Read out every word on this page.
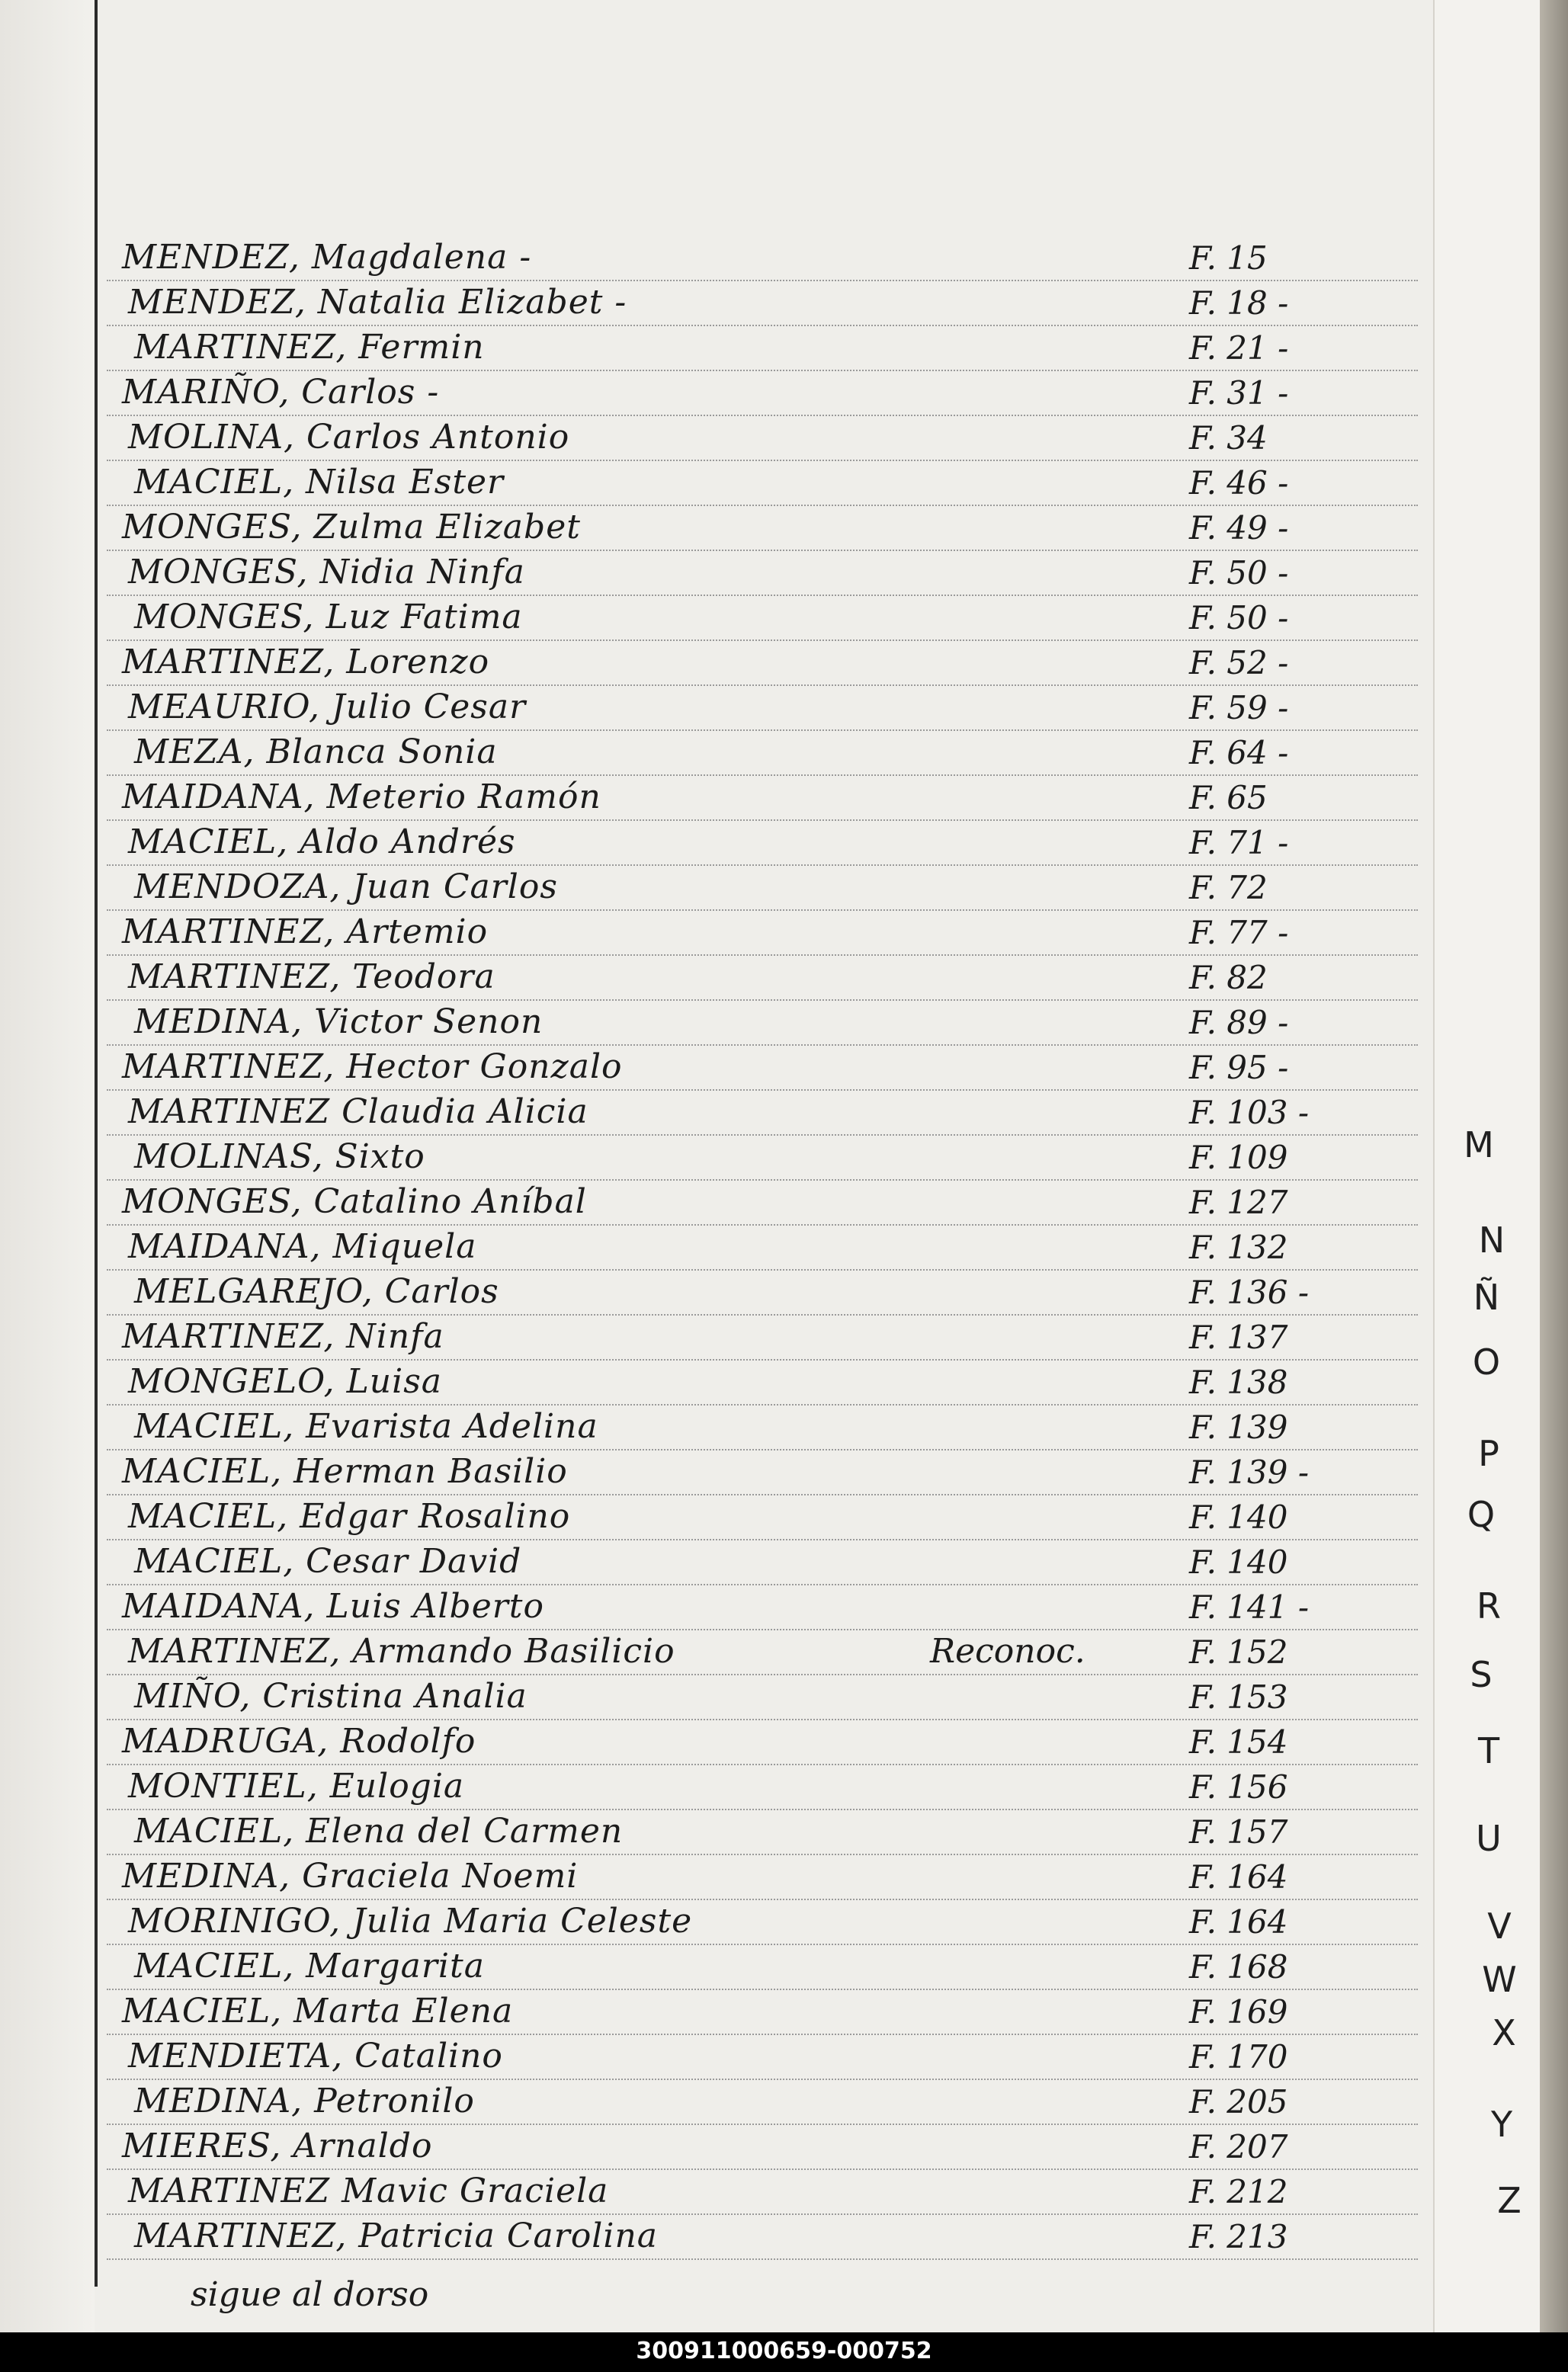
M
MENDEZ, Magdalena -	F. 15
MENDEZ, Natalia Elizabet -	F. 18 -
MARTINEZ, Fermin	F. 21 -
MARIÑO, Carlos -	F. 31 -
MOLINA, Carlos Antonio	F. 34
MACIEL, Nilsa Ester	F. 46 -
MONGES, Zulma Elizabet	F. 49 -
MONGES, Nidia Ninfa	F. 50 -
MONGES, Luz Fatima	F. 50 -
MARTINEZ, Lorenzo	F. 52 -
MEAURIO, Julio Cesar	F. 59 -
MEZA, Blanca Sonia	F. 64 -
MAIDANA, Meterio Ramón	F. 65
MACIEL, Aldo Andrés	F. 71 -
MENDOZA, Juan Carlos	F. 72
MARTINEZ, Artemio	F. 77 -
MARTINEZ, Teodora	F. 82
MEDINA, Victor Senon	F. 89 -
MARTINEZ, Hector Gonzalo	F. 95 -
MARTINEZ Claudia Alicia	F. 103 -
MOLINAS, Sixto	F. 109
MONGES, Catalino Aníbal	F. 127
MAIDANA, Miquela	F. 132
MELGAREJO, Carlos	F. 136 -
MARTINEZ, Ninfa	F. 137
MONGELO, Luisa	F. 138
MACIEL, Evarista Adelina	F. 139
MACIEL, Herman Basilio	F. 139 -
MACIEL, Edgar Rosalino	F. 140
MACIEL, Cesar David	F. 140
MAIDANA, Luis Alberto	F. 141 -
MARTINEZ, Armando Basilicio	Reconoc.	F. 152
MIÑO, Cristina Analia	F. 153
MADRUGA, Rodolfo	F. 154
MONTIEL, Eulogia	F. 156
MACIEL, Elena del Carmen	F. 157
MEDINA, Graciela Noemi	F. 164
MORINIGO, Julia Maria Celeste	F. 164
MACIEL, Margarita	F. 168
MACIEL, Marta Elena	F. 169
MENDIETA, Catalino	F. 170
MEDINA, Petronilo	F. 205
MIERES, Arnaldo	F. 207
MARTINEZ Mavic Graciela	F. 212
MARTINEZ, Patricia Carolina	F. 213
sigue al dorso
N
Ñ
O
P
Q
R
S
T
U
V
W
X
Y
Z
300911000659-000752
